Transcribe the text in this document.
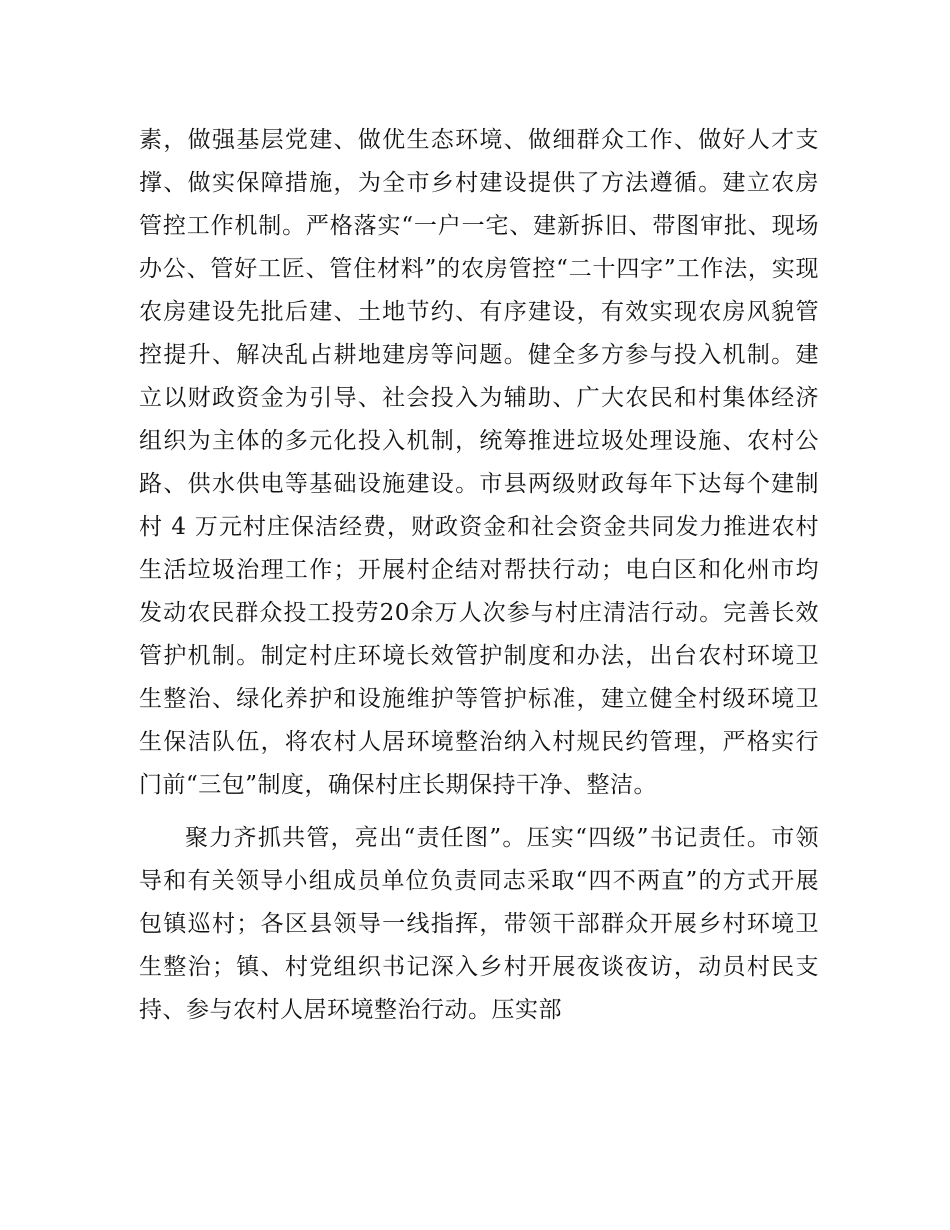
素，做强基层党建、做优生态环境、做细群众工作、做好人才支撑、做实保障措施，为全市乡村建设提供了方法遵循。建立农房管控工作机制。严格落实“一户一宅、建新拆旧、带图审批、现场办公、管好工匠、管住材料”的农房管控“二十四字”工作法，实现农房建设先批后建、土地节约、有序建设，有效实现农房风貌管控提升、解决乱占耕地建房等问题。健全多方参与投入机制。建立以财政资金为引导、社会投入为辅助、广大农民和村集体经济组织为主体的多元化投入机制，统筹推进垃圾处理设施、农村公路、供水供电等基础设施建设。市县两级财政每年下达每个建制村 4 万元村庄保洁经费，财政资金和社会资金共同发力推进农村生活垃圾治理工作；开展村企结对帮扶行动；电白区和化州市均发动农民群众投工投劳20余万人次参与村庄清洁行动。完善长效管护机制。制定村庄环境长效管护制度和办法，出台农村环境卫生整治、绿化养护和设施维护等管护标准，建立健全村级环境卫生保洁队伍，将农村人居环境整治纳入村规民约管理，严格实行门前“三包”制度，确保村庄长期保持干净、整洁。

聚力齐抓共管，亮出“责任图”。压实“四级”书记责任。市领导和有关领导小组成员单位负责同志采取“四不两直”的方式开展包镇巡村；各区县领导一线指挥，带领干部群众开展乡村环境卫生整治；镇、村党组织书记深入乡村开展夜谈夜访，动员村民支持、参与农村人居环境整治行动。压实部
